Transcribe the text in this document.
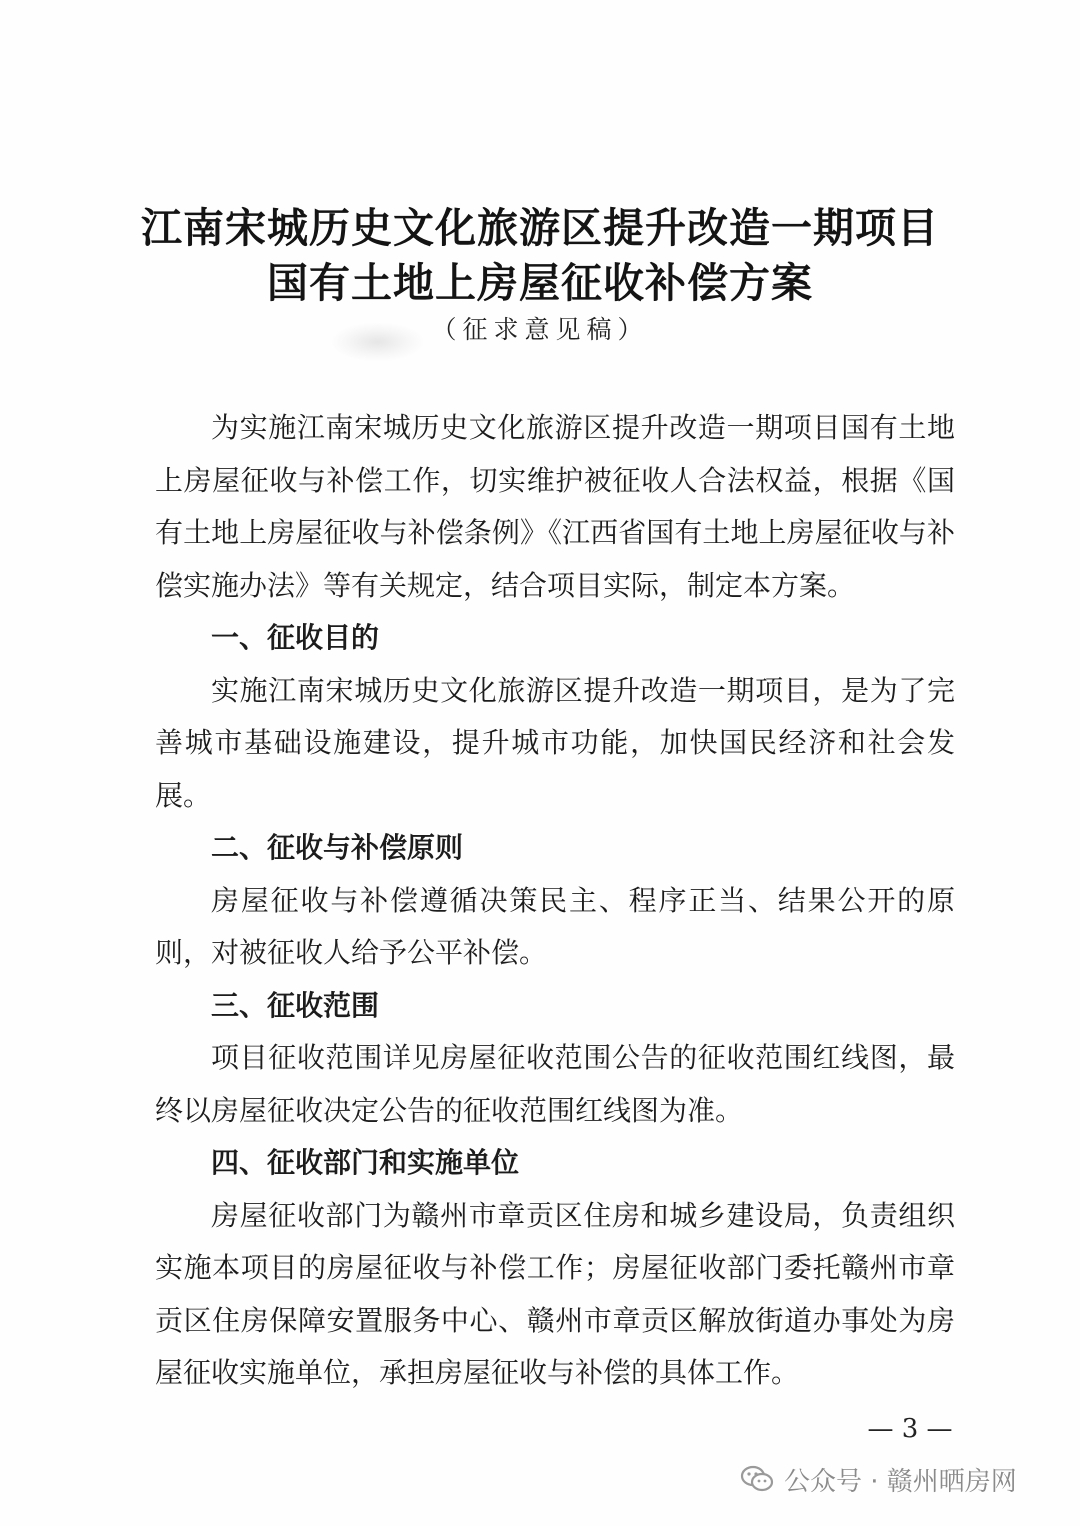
江南宋城历史文化旅游区提升改造一期项目
国有土地上房屋征收补偿方案
（征求意见稿）

为实施江南宋城历史文化旅游区提升改造一期项目国有土地上房屋征收与补偿工作，切实维护被征收人合法权益，根据《国有土地上房屋征收与补偿条例》《江西省国有土地上房屋征收与补偿实施办法》等有关规定，结合项目实际，制定本方案。

一、征收目的

实施江南宋城历史文化旅游区提升改造一期项目，是为了完善城市基础设施建设，提升城市功能，加快国民经济和社会发展。

二、征收与补偿原则

房屋征收与补偿遵循决策民主、程序正当、结果公开的原则，对被征收人给予公平补偿。

三、征收范围

项目征收范围详见房屋征收范围公告的征收范围红线图，最终以房屋征收决定公告的征收范围红线图为准。

四、征收部门和实施单位

房屋征收部门为赣州市章贡区住房和城乡建设局，负责组织实施本项目的房屋征收与补偿工作；房屋征收部门委托赣州市章贡区住房保障安置服务中心、赣州市章贡区解放街道办事处为房屋征收实施单位，承担房屋征收与补偿的具体工作。

— 3 —
公众号 · 赣州晒房网
